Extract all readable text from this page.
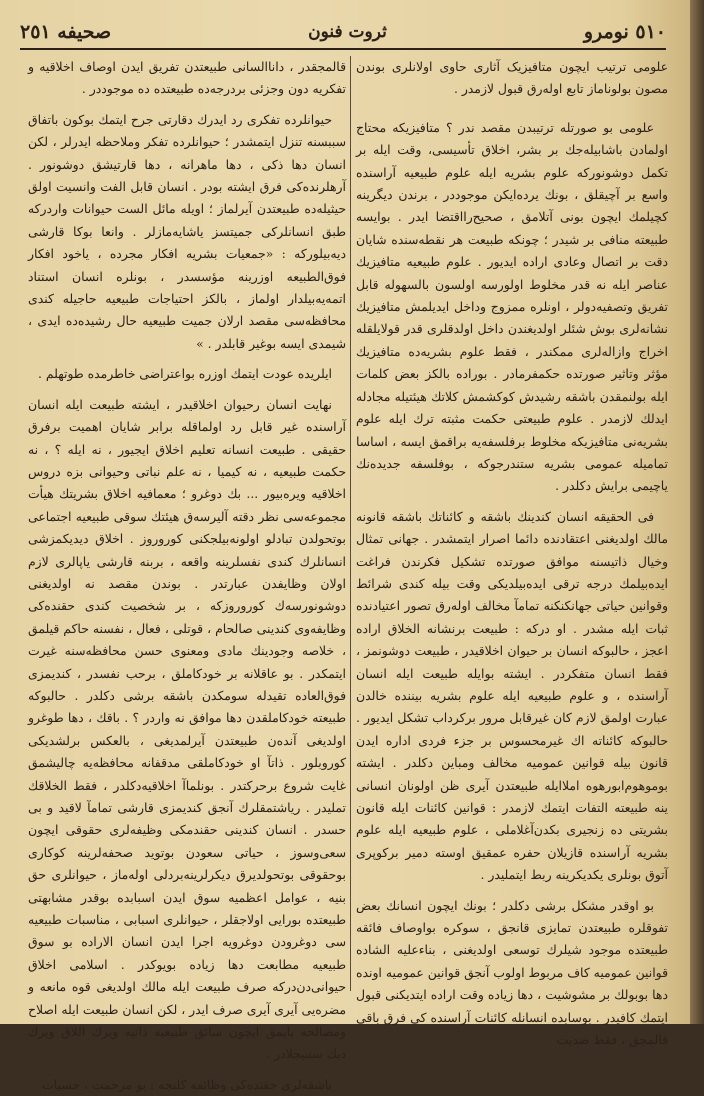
٥١٠ نومرو
ثروت فنون
صحیفه ٢٥١

علومی ترتیب ایچون متافیزیک آثاری حاوی اولانلری بوندن مصون بولوناماز تابع اوله‌رق قبول لازمدر .

علومی بو صورتله ترتیبدن مقصد ندر ؟ متافیزیکه محتاج اولمادن باشابیله‌جك بر بشر، اخلاق تأسیسی، وقت ایله بر تکمل دوشونورکه علوم بشریه ایله علوم طبیعیه آراسنده واسع بر آچیقلق ، بونك یرده‌ایکن موجوددر ، برندن دیگرینه کچیلمك ایچون بونی آتلامق ، صحیح‌رااقتضا ایدر . بوایسه طبیعته منافی بر شیدر ؛ چونکه طبیعت هر نقطه‌سنده شایان دقت بر اتصال وعادی اراده ایدیور . علوم طبیعیه متافیزیك عناصر ایله نه قدر مخلوط اولورسه اولسون بالسهوله قابل تفریق وتصفیه‌دولر ، اونلره ممزوج وداخل ایدیلمش متافیزیك نشانه‌لری بوش شئلر اولدیغندن داخل اولدقلری قدر قولایلقله اخراج وازاله‌لری ممکندر ، فقط علوم بشریه‌ده متافیزیك مؤثر وتاثیر صورتده حکمفرمادر . بوراده بالکز بعض کلمات ایله بولنمقدن باشقه رشیدش کوکشمش کلاتك هیئتیله مجادله ایدلك لازمدر . علوم طبیعتی حکمت مثبته ترك ایله علوم بشریه‌نی متافیزیکه مخلوط برفلسفه‌یه براقمق ایسه ، اساسا تمامیله عمومی بشریه ستندرجوکه ، بوفلسفه جدیده‌نك یاچیمی برایش دکلدر .

فی الحقیقه انسان کندینك باشقه و کائناتك باشقه قانونه مالك اولدیغنی اعتقادنده دائما اصرار ایتمشدر . جهانی تمثال وخیال ذاتیسنه موافق صورتده تشکیل فکرندن فراغت ایده‌بیلمك درجه ترقی ایده‌بیلدیکی وقت بیله کندی شرائط وقوانین حیاتی جهانکنکنه تمامآ مخالف اوله‌رق تصور اعتیادنده ثبات ایله مشدر . او درکه : طبیعت برنشانه الخلاق اراده اعجز ، حالبوکه انسان بر حیوان اخلاقیدر ، طبیعت دوشونمز ، فقط انسان متفکردر . ایشته بوایله طبیعت ایله انسان آراسنده ، و علوم طبیعیه ایله علوم بشریه بیننده خالدن عبارت اولمق لازم کان غیرقابل مرور برکرداب تشکل ایدیور . حالبوکه کائناته اك غیرمحسوس بر جزء فردی اداره ایدن قانون بیله قوانین عمومیه مخالف ومباین دکلدر . ایشته بوموهوم‌ابورهوه املاایله طبیعتدن آیری ظن اولونان انسانی ینه طبیعته التفات ایتمك لازمدر : قوانین کائنات ایله قانون بشریتی ده زنجیری بکدن‌آغلاملی ، علوم طبیعیه ایله علوم بشریه آراسنده قازیلان حفره عمقیق اوسته دمیر برکوپری آتوق بونلری یکدیکرینه ربط ایتملیدر .

بو اوقدر مشکل برشی دکلدر ؛ بونك ایچون انسانك بعض تفوقلره طبیعتدن تمایزی قانجق ، سوکره بواوصاف فائقه طبیعتده موجود شیلرك توسعی اولدیغنی ، بناءعلیه الشاده قوانین عمومیه کاف مربوط اولوب آنجق قوانین عمومیه اونده دها بوبولك بر مشوشیت ، دها زیاده وقت اراده ایتدیکنی قبول ایتمك کافیدر . بوسابده انسانله کائنات آراسنده کی فرق باقی قالمجق ، فقط ضدیت

قالمجقدر ، داناالسانی طبیعتدن تفریق ایدن اوصاف اخلاقیه و تفکریه دون وجزئی بردرجه‌ده طبیعتده ده موجوددر .

حیوانلرده تفکری رد ایدرك دقارتی جرح ایتمك بوکون باتفاق سببسنه تنزل ایتمشدر ؛ حیوانلرده تفکر وملاحظه ایدرلر ، لکن انسان دها ذکی ، دها ماهرانه ، دها قارتیشق دوشونور . آرهلرنده‌کی فرق ایشته بودر . انسان قابل الفت وانسیت اولق حیثیله‌ده طبیعتدن آیرلماز ؛ اویله مائل الست حیوانات واردرکه طبق انسانلرکی جمیتسز یاشایه‌مازلر . وانعا بوکا قارشی دیه‌بیلورکه : «جمعیات بشریه افکار مجرده ، یاخود افکار فوق‌الطبیعه اوزرینه مؤسسدر ، بونلره انسان استناد اتمه‌یه‌بیلدار اولماز ، بالکز احتیاجات طبیعیه حاجیله کندی محافظه‌سی مقصد ارلان جمیت طبیعیه حال رشیده‌ده ایدی ، شیمدی ایسه بوغیر قابلدر . »

ایلریده عودت ایتمك اوزره بواعتراضی خاطرمده طوتهلم .

نهایت انسان رحیوان اخلاقیدر ، ایشته طبیعت ایله انسان آراسنده غیر قابل رد اولماقله برابر شایان اهمیت برفرق حقیقی . طبیعت انسانه تعلیم اخلاق ایجیور ، نه ایله ؟ ، نه حکمت طبیعیه ، نه کیمیا ، نه علم نباتی وحیوانی بزه دروس اخلاقیه ویره‌بیور ... بك دوغرو ؛ معمافیه اخلاق بشریتك هیأت مجموعه‌سی نظر دقته آلیرسه‌ق هیئتك سوقی طبیعیه اجتماعی بوتحولدن تبادلو اولونه‌بیلجکنی کوروروز . اخلاق دیدیکمزشی انسانلرك کندی نفسلرینه واقعه ، بربنه قارشی یاپالری لازم اولان وظایفدن عبارتدر . بوندن مقصد نه اولدیغنی دوشونورسه‌ك کوروروزکه ، بر شخصیت کندی حقنده‌کی وظایفه‌وی کندینی صالحام ، قوتلی ، فعال ، نفسنه حاکم قیلمق ، خلاصه وجودینك مادی ومعنوی حسن محافظه‌سنه غیرت ایتمکدر . بو عاقلانه بر خودکاملق ، برحب نفسدر ، کندیمزی فوق‌العاده تقیدله سومکدن باشقه برشی دکلدر . حالبوکه طبیعته خودکاملقدن دها موافق نه واردر ؟ . باقك ، دها طوغرو اولدیغی آنده‌ن طبیعتدن آیرلمدیغی ، بالعکس برلشدیکی کوروبلور . ذاتآ او خودکاملقی مدقفانه محافظه‌یه چالیشمق غایت شروع برحرکتدر . بونلماآ اخلاقیه‌دکلدر ، فقط الخلاقك تملیدر . ریاشتمقلرك آنجق کندیمزی قارشی تمامآ لاقید و بی حسدر . انسان کندینی حقندمکی وظیفه‌لری حقوقی ایچون سعی‌وسوز ، حیاتی سعودن بوتوید صحفه‌لرینه کوکاری بوحقوقی بوتحولدیرق دیکرلرینه‌بردلی اوله‌ماز ، حیوانلری حق بنیه ، عوامل اعظمیه سوق ایدن اسبابده بوقدر مشابهتی طبیعتده بورایی اولاجقلر ، حیوانلری اسبابی ، مناسبات طبیعیه سی دوغرودن دوغرویه اجرا ایدن انسان الاراده بو سوق طبیعیه مطابعت دها زیاده بویوكدر . اسلامی اخلاق حیوانی‌دن‌درکه صرف طبیعت ایله مالك اولدیغی قوه مانعه و مضره‌یی آیری آیری صرف ایدر ، لکن انسان طبیعت ایله اصلاح ومصالحه یاپمق ایچون سائق طبیعیه ذاتیه ویرك اللاق ویرك دیك سنبیجلادر .

باشقه‌لری حقنده‌کی وظائفه کلنجه : بو مرحمت ، حسیات
